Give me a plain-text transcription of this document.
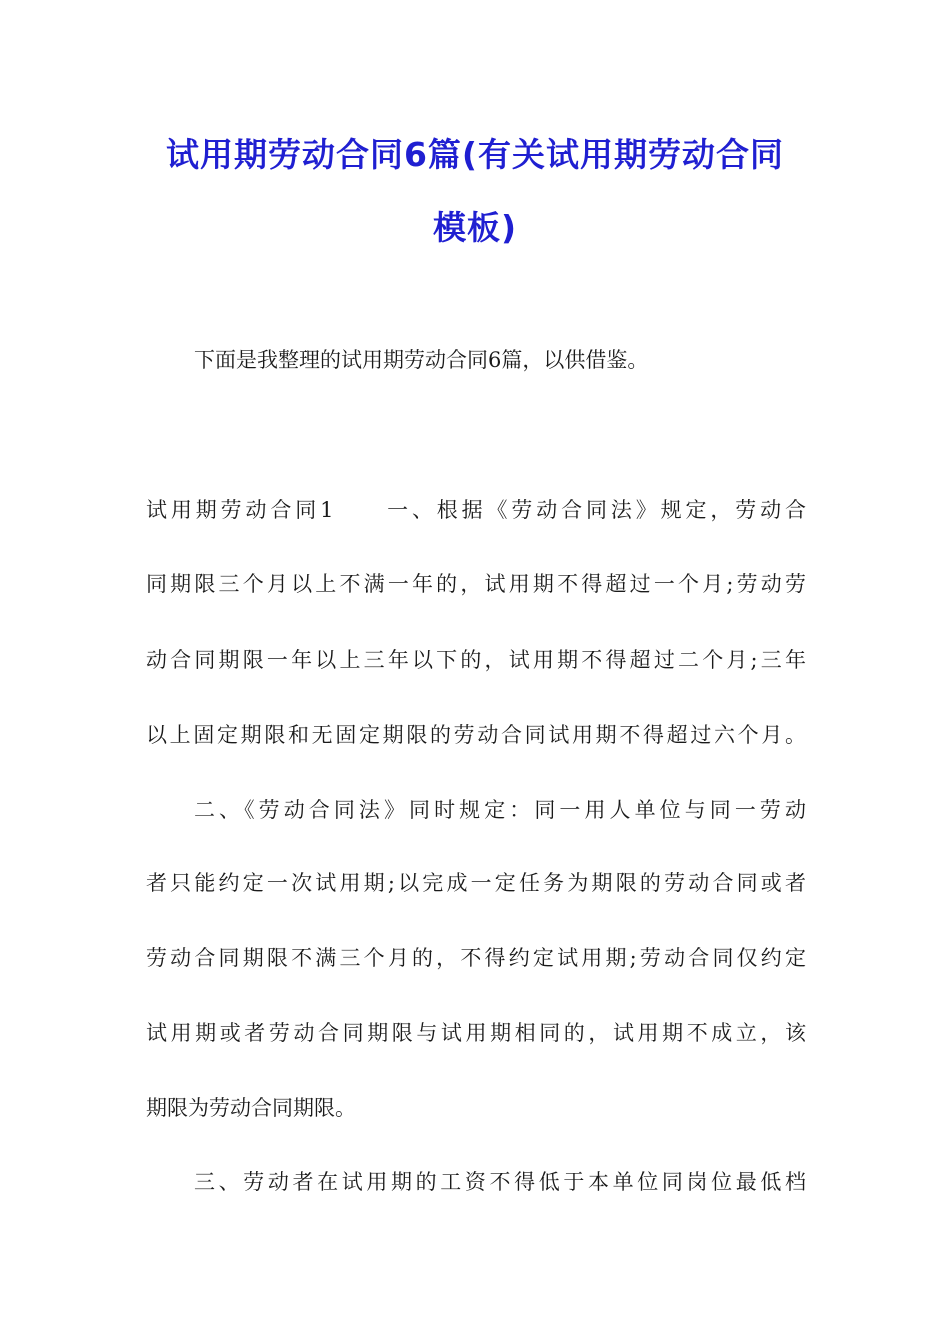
试用期劳动合同6篇(有关试用期劳动合同
模板)
下面是我整理的试用期劳动合同6篇，以供借鉴。
试用期劳动合同1　　一、根据《劳动合同法》规定，劳动合
同期限三个月以上不满一年的，试用期不得超过一个月;劳动劳
动合同期限一年以上三年以下的，试用期不得超过二个月;三年
以上固定期限和无固定期限的劳动合同试用期不得超过六个月。
二、《劳动合同法》同时规定：同一用人单位与同一劳动
者只能约定一次试用期;以完成一定任务为期限的劳动合同或者
劳动合同期限不满三个月的，不得约定试用期;劳动合同仅约定
试用期或者劳动合同期限与试用期相同的，试用期不成立，该
期限为劳动合同期限。
三、劳动者在试用期的工资不得低于本单位同岗位最低档
